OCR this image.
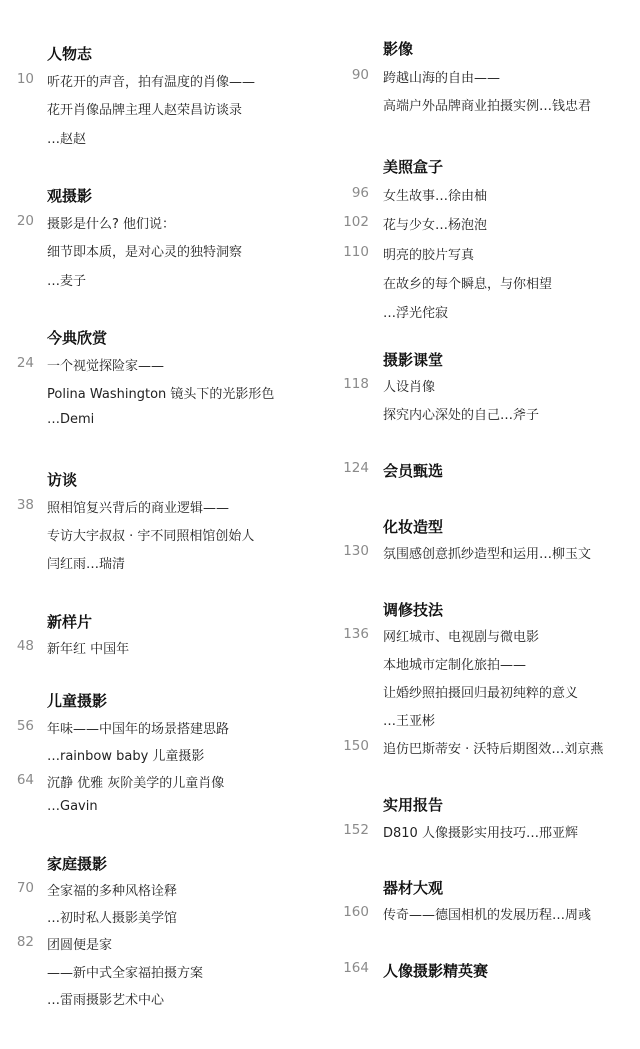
人物志
10 听花开的声音，拍有温度的肖像——
花开肖像品牌主理人赵荣昌访谈录
…赵赵
观摄影
20 摄影是什么? 他们说：
细节即本质，是对心灵的独特洞察
…麦子
今典欣赏
24 一个视觉探险家——
Polina Washington 镜头下的光影形色
…Demi
访谈
38 照相馆复兴背后的商业逻辑——
专访大宇叔叔 · 宇不同照相馆创始人
闫红雨…瑞清
新样片
48 新年红 中国年
儿童摄影
56 年味——中国年的场景搭建思路
…rainbow baby 儿童摄影
64 沉静 优雅 灰阶美学的儿童肖像
…Gavin
家庭摄影
70 全家福的多种风格诠释
…初时私人摄影美学馆
82 团圆便是家
——新中式全家福拍摄方案
…雷雨摄影艺术中心
影像
90 跨越山海的自由——
高端户外品牌商业拍摄实例…钱忠君
美照盒子
96 女生故事…徐由柚
102 花与少女…杨泡泡
110 明亮的胶片写真
在故乡的每个瞬息，与你相望
…浮光侘寂
摄影课堂
118 人设肖像
探究内心深处的自己…斧子
会员甄选
124
化妆造型
130 氛围感创意抓纱造型和运用…柳玉文
调修技法
136 网红城市、电视剧与微电影
本地城市定制化旅拍——
让婚纱照拍摄回归最初纯粹的意义
…王亚彬
150 追仿巴斯蒂安 · 沃特后期图效…刘京燕
实用报告
152 D810 人像摄影实用技巧…邢亚辉
器材大观
160 传奇——德国相机的发展历程…周彧
人像摄影精英赛
164
